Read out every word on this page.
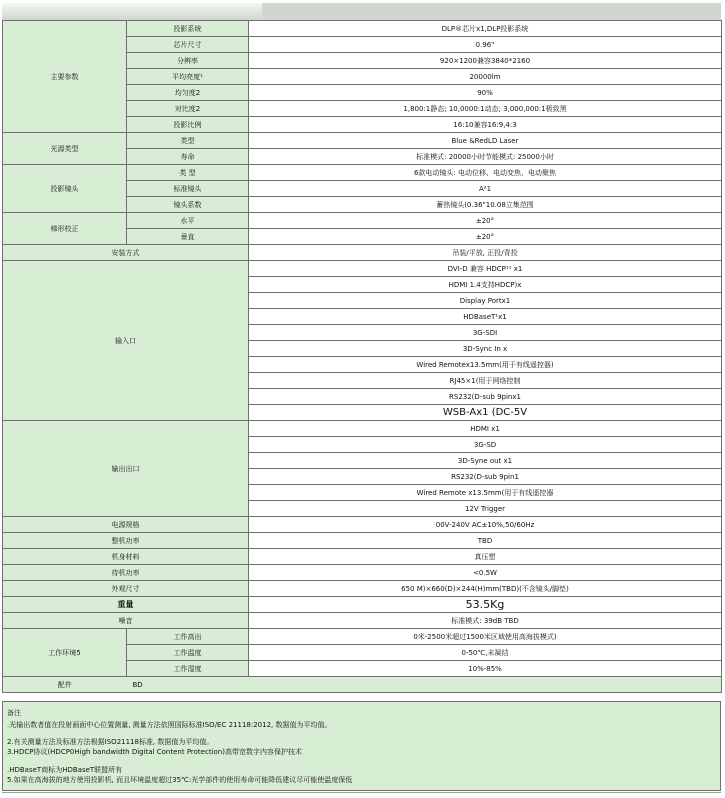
主要参数	投影系统	DLP®芯片x1,DLP投影系统
	芯片尺寸	0.96"
	分辨率	920×1200兼容3840*2160
	平均亮度¹	20000lm
	均匀度2	90%
	对比度2	1,800:1静态; 10,0000:1动态; 3,000,000:1极致黑
	投影比例	16:10兼容16:9,4:3
光源类型	类型	Blue &RedLD Laser
	寿命	标准模式: 20000小时节能模式: 25000小时
投影镜头	类 型	6款电动镜头: 电动位移、电动变焦、电动聚焦
	标准镜头	A²1
	镜头系数	蓄热镜头(0.36"10.08立集范围
梯形校正	水平	±20°
	垂直	±20°
安装方式		吊装/平放, 正投/背投
输入口		DVI-D 兼容 HDCP¹¹ x1
		HDMI 1.4支持HDCP)x
		Display Portx1
		HDBaseT¹x1
		3G-SDI
		3D-Sync In x
		Wired Remotex13.5mm(用于有线遥控器)
		RJ45×1(用于网络控制
		RS232(D-sub 9pinx1
		WSB-Ax1 (DC-5V
输出出口		HDMI x1
		3G-SD
		3D-Syne out x1
		RS232(D-sub 9pin1
		Wired Remote x13.5mm(用于有线遥控器
		12V Trigger
电源规格		00V-240V AC±10%,50/60Hz
整机功率		TBD
机身材料		真压塑
待机功率		<0.5W
外观尺寸		650 M)×660(D)×244(H)mm(TBD)(不含镜头/脚垫)
重量		53.5Kg
噪音		标准模式: 39dB TBD
工作环境5	工作高出	0米-2500米超过1500米区域使用高海拔模式)
	工作温度	0-50℃,未凝结
	工作湿度	10%-85%
配件	BD	
备注
.光输出数者值在投射画面中心位置测量, 测量方法依照国际标准ISO/EC 21118:2012, 数据值为平均值。
2.有关测量方法及标准方法根据ISO21118标准, 数据值为平均值。
3.HDCP协议(HDCP0High bandwidth Digital Content Protection)高带宽数字内容保护技术
.HDBaseT商标为HDBaseT联盟所有
5.如果在高海拔的地方使用投影机, 而且环境温度超过35℃:光学部件的使用寿命可能降低建议尽可能使温度保低
